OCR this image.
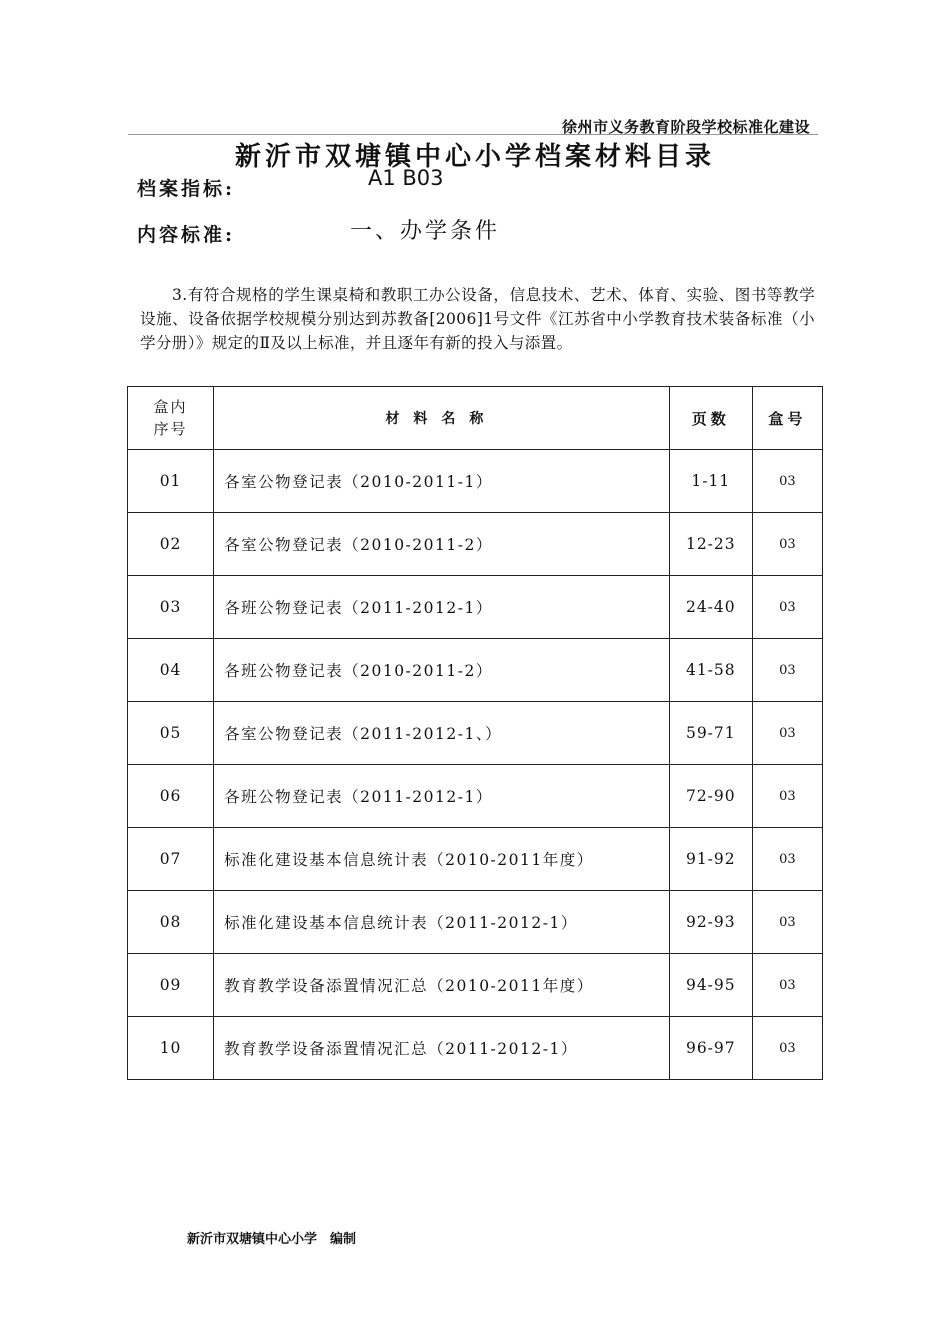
徐州市义务教育阶段学校标准化建设
新沂市双塘镇中心小学档案材料目录
档案指标:	A1 B03
内容标准:	一、办学条件
3.有符合规格的学生课桌椅和教职工办公设备，信息技术、艺术、体育、实验、图书等教学设施、设备依据学校规模分别达到苏教备[2006]1号文件《江苏省中小学教育技术装备标准（小学分册）》规定的Ⅱ及以上标准，并且逐年有新的投入与添置。
盒内
序号	材料名称	页数	盒号
01	各室公物登记表（2010-2011-1）	1-11	03
02	各室公物登记表（2010-2011-2）	12-23	03
03	各班公物登记表（2011-2012-1）	24-40	03
04	各班公物登记表（2010-2011-2）	41-58	03
05	各室公物登记表（2011-2012-1、）	59-71	03
06	各班公物登记表（2011-2012-1）	72-90	03
07	标准化建设基本信息统计表（2010-2011年度）	91-92	03
08	标准化建设基本信息统计表（2011-2012-1）	92-93	03
09	教育教学设备添置情况汇总（2010-2011年度）	94-95	03
10	教育教学设备添置情况汇总（2011-2012-1）	96-97	03
新沂市双塘镇中心小学　编制
